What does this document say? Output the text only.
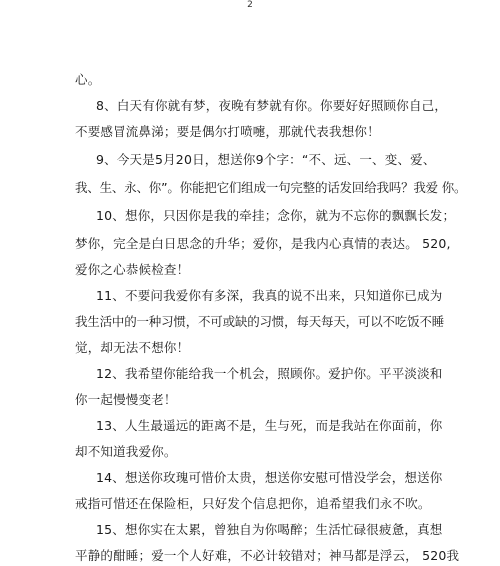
2
心。
8、白天有你就有梦，夜晚有梦就有你。你要好好照顾你自己，
不要感冒流鼻涕；要是偶尔打喷嚏，那就代表我想你！
9、今天是5月20日，想送你9个字：“不、远、一、变、爱、
我、生、永、你”。你能把它们组成一句完整的话发回给我吗？我爱 你。
10、想你，只因你是我的牵挂；念你，就为不忘你的飘飘长发；
梦你，完全是白日思念的升华；爱你，是我内心真情的表达。 520,
爱你之心恭候检查！
11、不要问我爱你有多深，我真的说不出来，只知道你已成为
我生活中的一种习惯，不可或缺的习惯，每天每天，可以不吃饭不睡
觉，却无法不想你！
12、我希望你能给我一个机会，照顾你。爱护你。平平淡淡和
你一起慢慢变老！
13、人生最遥远的距离不是，生与死，而是我站在你面前，你
却不知道我爱你。
14、想送你玫瑰可惜价太贵，想送你安慰可惜没学会，想送你
戒指可惜还在保险柜，只好发个信息把你，追希望我们永不吹。
15、想你实在太累，曾独自为你喝醉；生活忙碌很疲惫，真想
平静的酣睡；爱一个人好难，不必计较错对；神马都是浮云， 520我
